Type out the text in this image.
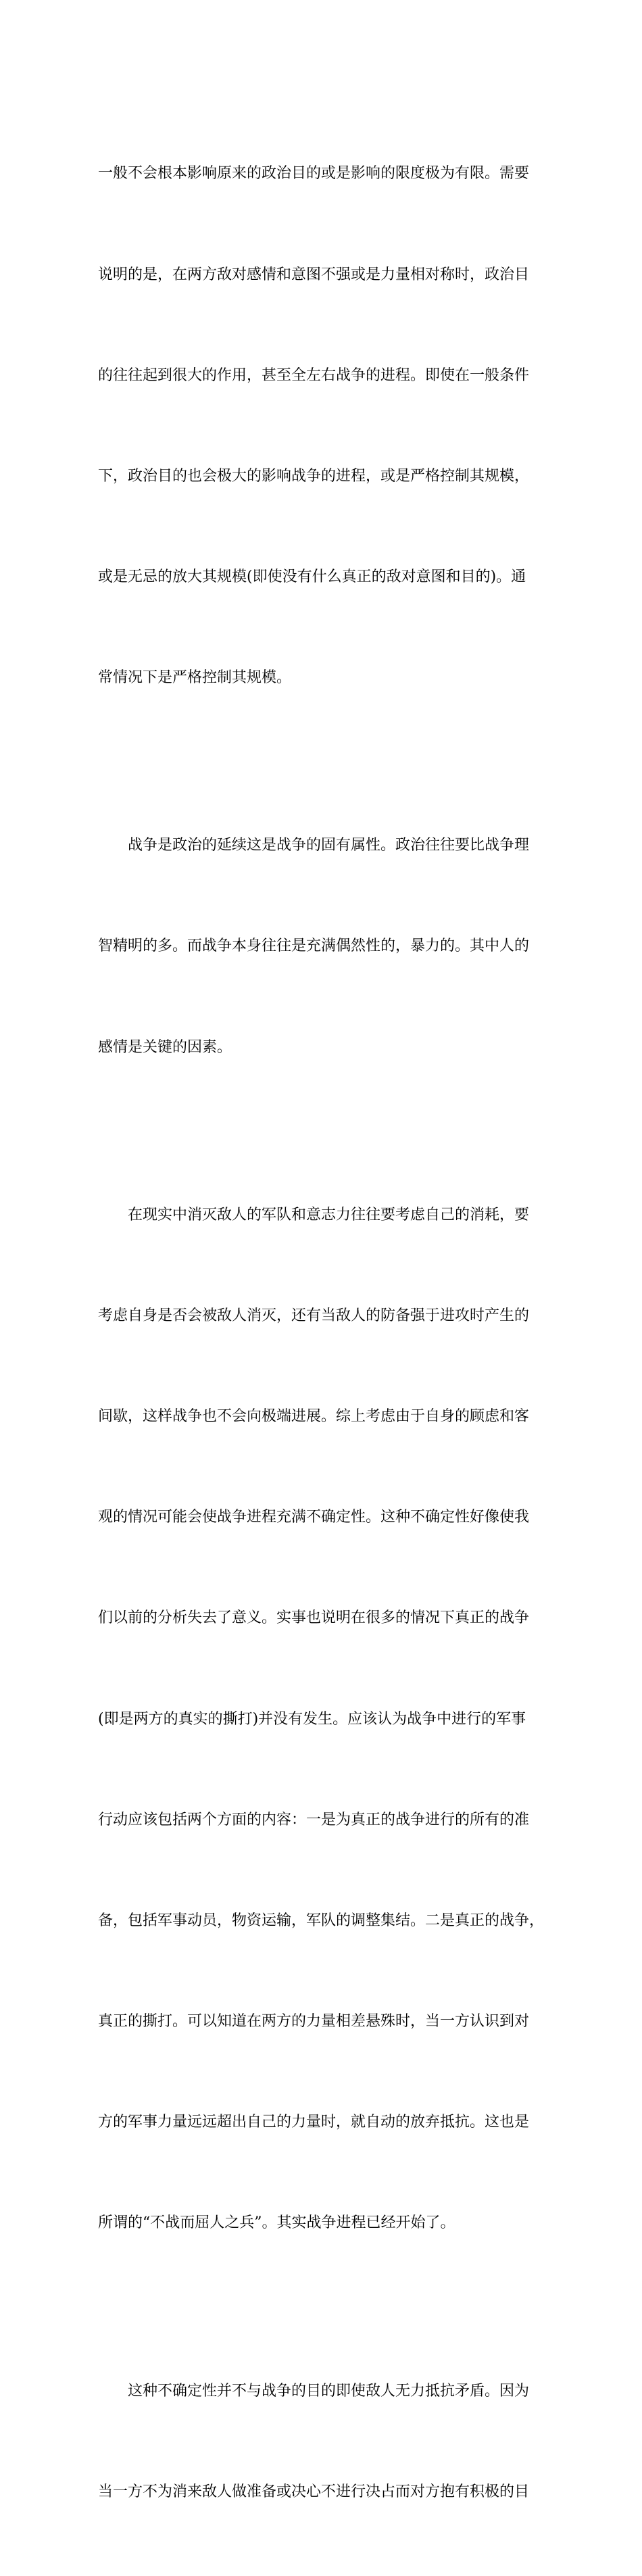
一般不会根本影响原来的政治目的或是影响的限度极为有限。需要

说明的是，在两方敌对感情和意图不强或是力量相对称时，政治目

的往往起到很大的作用，甚至全左右战争的进程。即使在一般条件

下，政治目的也会极大的影响战争的进程，或是严格控制其规模，

或是无忌的放大其规模(即使没有什么真正的敌对意图和目的)。通

常情况下是严格控制其规模。

　　战争是政治的延续这是战争的固有属性。政治往往要比战争理

智精明的多。而战争本身往往是充满偶然性的，暴力的。其中人的

感情是关键的因素。

　　在现实中消灭敌人的军队和意志力往往要考虑自己的消耗，要

考虑自身是否会被敌人消灭，还有当敌人的防备强于进攻时产生的

间歇，这样战争也不会向极端进展。综上考虑由于自身的顾虑和客

观的情况可能会使战争进程充满不确定性。这种不确定性好像使我

们以前的分析失去了意义。实事也说明在很多的情况下真正的战争

(即是两方的真实的撕打)并没有发生。应该认为战争中进行的军事

行动应该包括两个方面的内容：一是为真正的战争进行的所有的准

备，包括军事动员，物资运输，军队的调整集结。二是真正的战争，

真正的撕打。可以知道在两方的力量相差悬殊时，当一方认识到对

方的军事力量远远超出自己的力量时，就自动的放弃抵抗。这也是

所谓的“不战而屈人之兵”。其实战争进程已经开始了。

　　这种不确定性并不与战争的目的即使敌人无力抵抗矛盾。因为

当一方不为消来敌人做准备或决心不进行决占而对方抱有积极的目
